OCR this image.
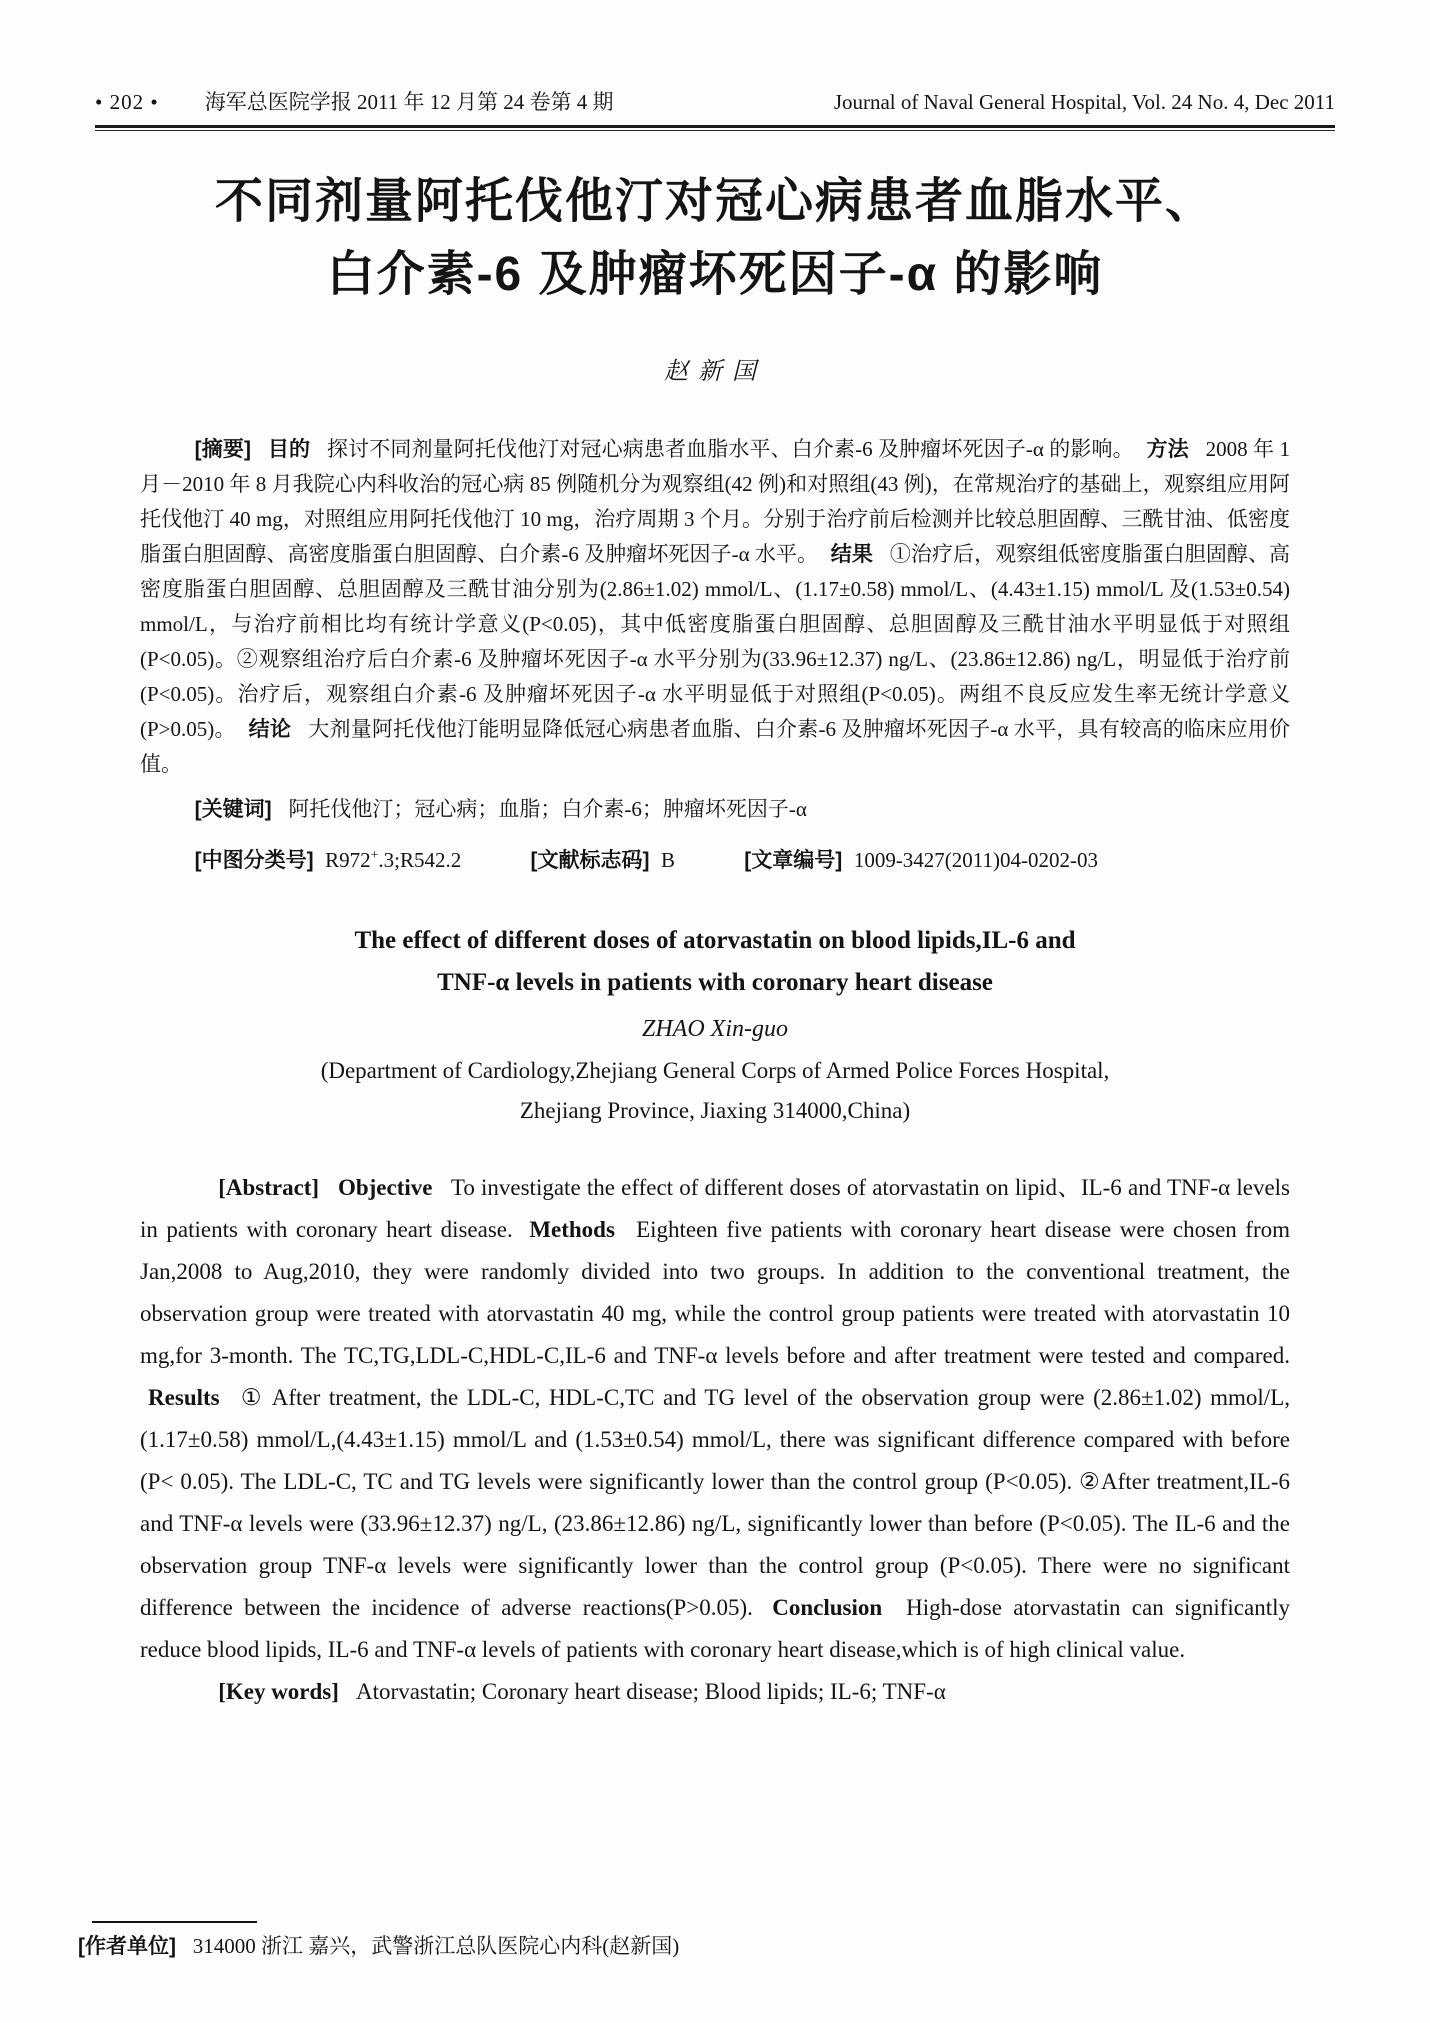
• 202 • 海军总医院学报 2011 年 12 月第 24 卷第 4 期	Journal of Naval General Hospital, Vol. 24 No. 4, Dec 2011
不同剂量阿托伐他汀对冠心病患者血脂水平、
白介素-6 及肿瘤坏死因子-α 的影响
赵新国

[摘要] 目的 探讨不同剂量阿托伐他汀对冠心病患者血脂水平、白介素-6 及肿瘤坏死因子-α 的影响。 方法 2008 年 1 月－2010 年 8 月我院心内科收治的冠心病 85 例随机分为观察组(42 例)和对照组(43 例)，在常规治疗的基础上，观察组应用阿托伐他汀 40 mg，对照组应用阿托伐他汀 10 mg，治疗周期 3 个月。分别于治疗前后检测并比较总胆固醇、三酰甘油、低密度脂蛋白胆固醇、高密度脂蛋白胆固醇、白介素-6 及肿瘤坏死因子-α 水平。 结果 ①治疗后，观察组低密度脂蛋白胆固醇、高密度脂蛋白胆固醇、总胆固醇及三酰甘油分别为(2.86±1.02) mmol/L、(1.17±0.58) mmol/L、(4.43±1.15) mmol/L 及(1.53±0.54) mmol/L，与治疗前相比均有统计学意义(P<0.05)，其中低密度脂蛋白胆固醇、总胆固醇及三酰甘油水平明显低于对照组(P<0.05)。②观察组治疗后白介素-6 及肿瘤坏死因子-α 水平分别为(33.96±12.37) ng/L、(23.86±12.86) ng/L，明显低于治疗前(P<0.05)。治疗后，观察组白介素-6 及肿瘤坏死因子-α 水平明显低于对照组(P<0.05)。两组不良反应发生率无统计学意义(P>0.05)。 结论 大剂量阿托伐他汀能明显降低冠心病患者血脂、白介素-6 及肿瘤坏死因子-α 水平，具有较高的临床应用价值。

[关键词] 阿托伐他汀；冠心病；血脂；白介素-6；肿瘤坏死因子-α

[中图分类号] R972+.3;R542.2	[文献标志码] B	[文章编号] 1009-3427(2011)04-0202-03

The effect of different doses of atorvastatin on blood lipids,IL-6 and
TNF-α levels in patients with coronary heart disease
ZHAO Xin-guo
(Department of Cardiology,Zhejiang General Corps of Armed Police Forces Hospital,
Zhejiang Province, Jiaxing 314000,China)

[Abstract] Objective To investigate the effect of different doses of atorvastatin on lipid、IL-6 and TNF-α levels in patients with coronary heart disease. Methods Eighteen five patients with coronary heart disease were chosen from Jan,2008 to Aug,2010, they were randomly divided into two groups. In addition to the conventional treatment, the observation group were treated with atorvastatin 40 mg, while the control group patients were treated with atorvastatin 10 mg,for 3-month. The TC,TG,LDL-C,HDL-C,IL-6 and TNF-α levels before and after treatment were tested and compared. Results ① After treatment, the LDL-C, HDL-C,TC and TG level of the observation group were (2.86±1.02) mmol/L,(1.17±0.58) mmol/L,(4.43±1.15) mmol/L and (1.53±0.54) mmol/L, there was significant difference compared with before (P< 0.05). The LDL-C, TC and TG levels were significantly lower than the control group (P<0.05). ②After treatment,IL-6 and TNF-α levels were (33.96±12.37) ng/L, (23.86±12.86) ng/L, significantly lower than before (P<0.05). The IL-6 and the observation group TNF-α levels were significantly lower than the control group (P<0.05). There were no significant difference between the incidence of adverse reactions(P>0.05). Conclusion High-dose atorvastatin can significantly reduce blood lipids, IL-6 and TNF-α levels of patients with coronary heart disease,which is of high clinical value.

[Key words] Atorvastatin; Coronary heart disease; Blood lipids; IL-6; TNF-α

[作者单位] 314000 浙江 嘉兴，武警浙江总队医院心内科(赵新国)
